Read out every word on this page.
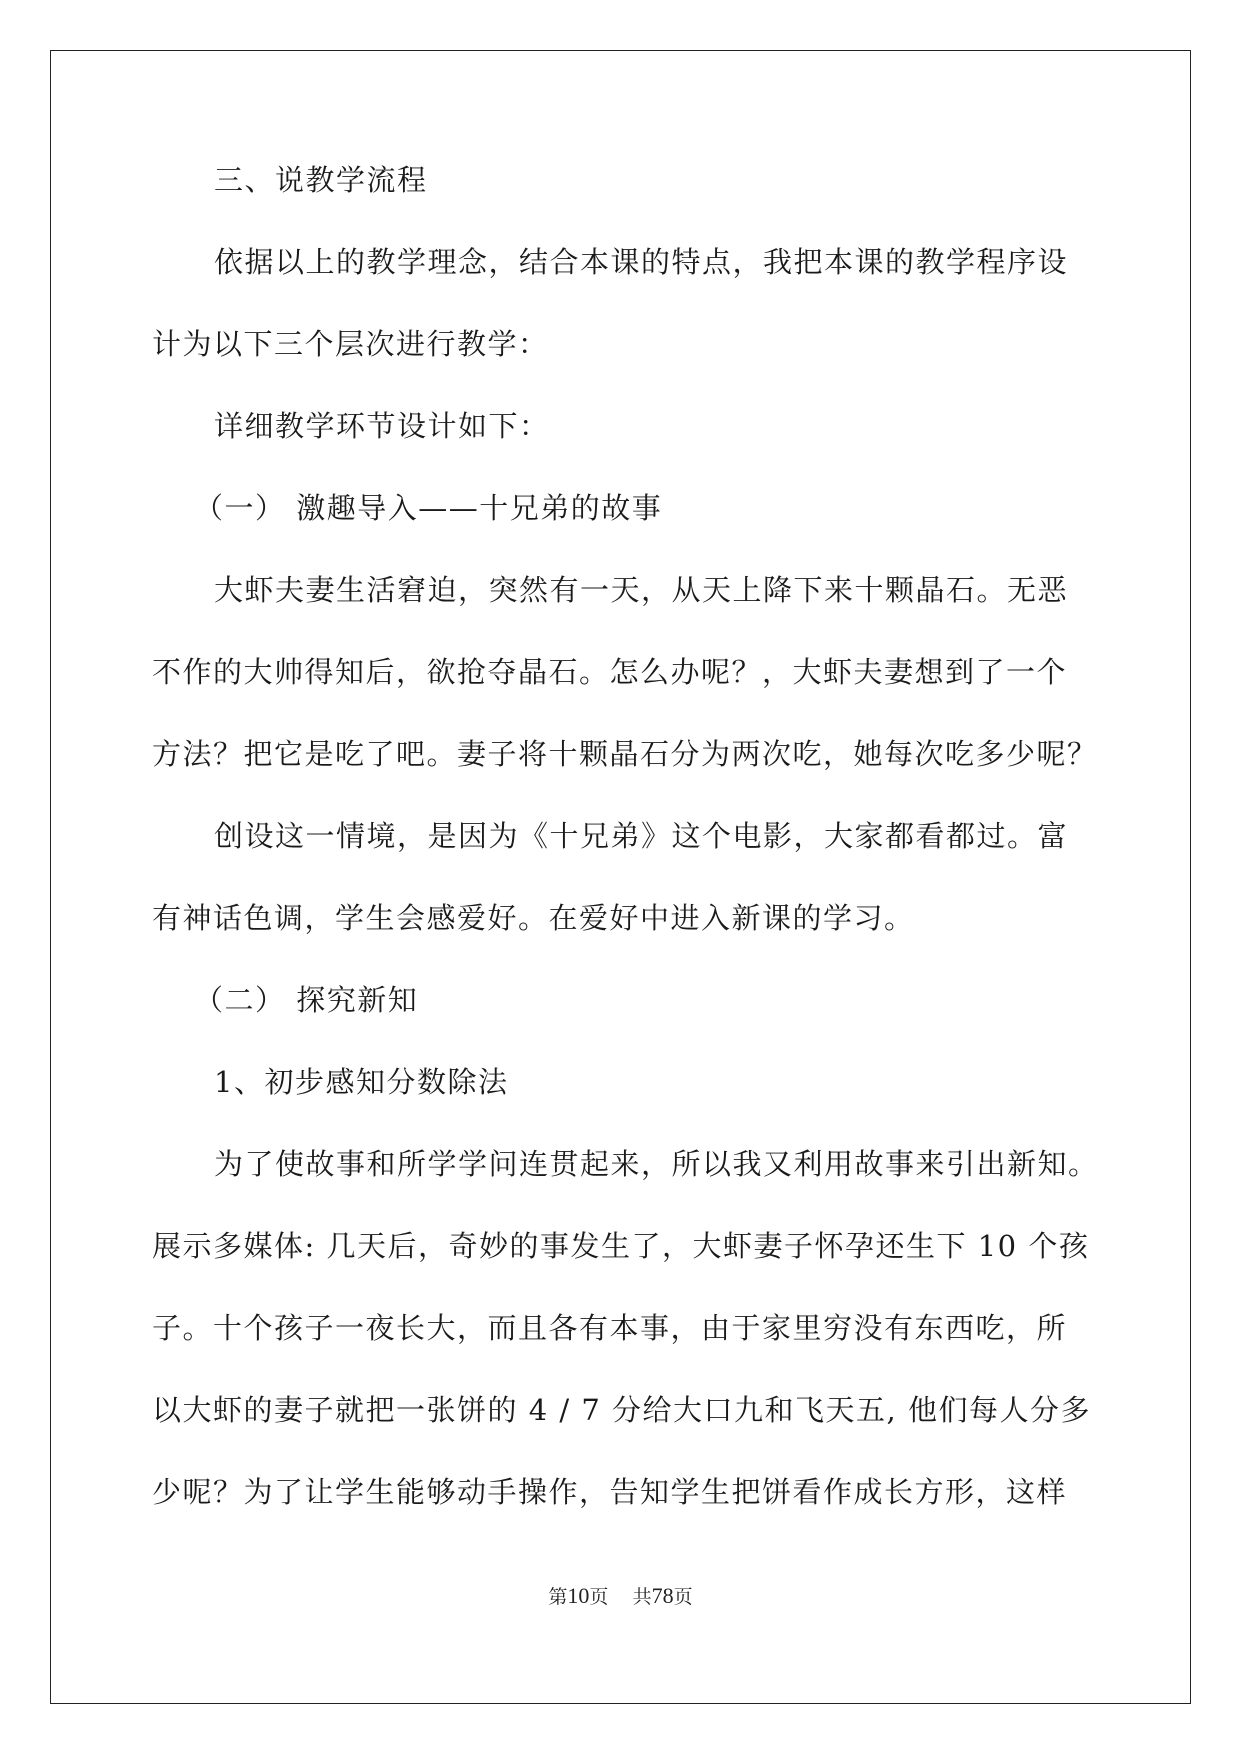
三、说教学流程
依据以上的教学理念，结合本课的特点，我把本课的教学程序设
计为以下三个层次进行教学：
详细教学环节设计如下：
（一） 激趣导入——十兄弟的故事
大虾夫妻生活窘迫，突然有一天，从天上降下来十颗晶石。无恶
不作的大帅得知后，欲抢夺晶石。怎么办呢？，大虾夫妻想到了一个
方法？把它是吃了吧。妻子将十颗晶石分为两次吃，她每次吃多少呢？
创设这一情境，是因为《十兄弟》这个电影，大家都看都过。富
有神话色调，学生会感爱好。在爱好中进入新课的学习。
（二） 探究新知
1、初步感知分数除法
为了使故事和所学学问连贯起来，所以我又利用故事来引出新知。
展示多媒体: 几天后，奇妙的事发生了，大虾妻子怀孕还生下 10 个孩
子。十个孩子一夜长大，而且各有本事，由于家里穷没有东西吃，所
以大虾的妻子就把一张饼的 4 / 7 分给大口九和飞天五, 他们每人分多
少呢？为了让学生能够动手操作，告知学生把饼看作成长方形，这样
第10页    共78页
